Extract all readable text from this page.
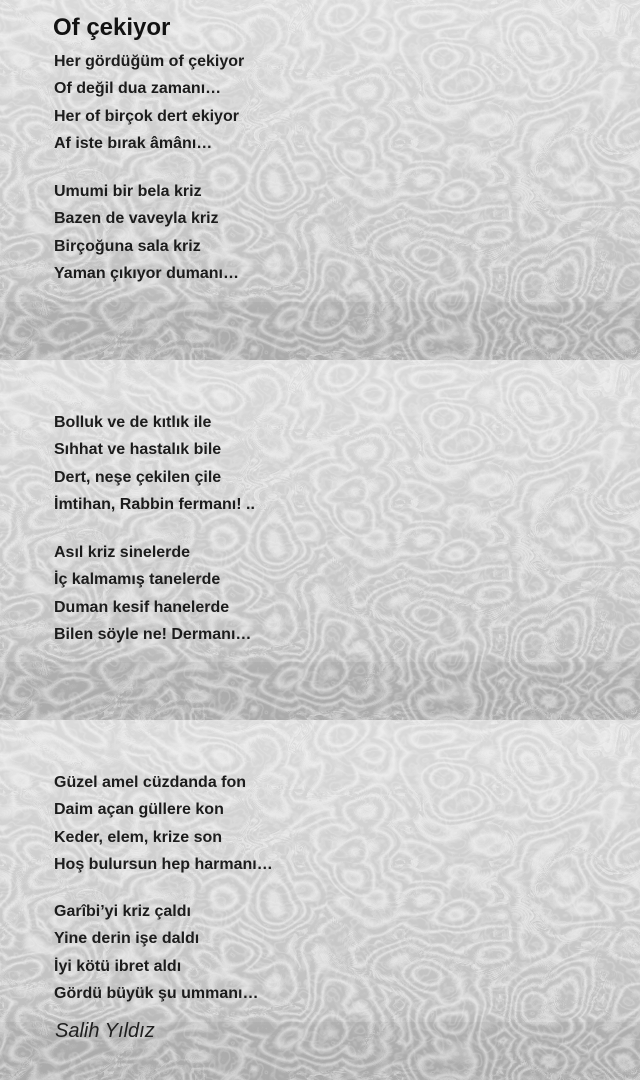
Of çekiyor
Her gördüğüm of çekiyor
Of değil dua zamanı…
Her of birçok dert ekiyor
Af iste bırak âmânı…
Umumi bir bela kriz
Bazen de vaveyla kriz
Birçoğuna sala kriz
Yaman çıkıyor dumanı…
Bolluk ve de kıtlık ile
Sıhhat ve hastalık bile
Dert, neşe çekilen çile
İmtihan, Rabbin fermanı! ..
Asıl kriz sinelerde
İç kalmamış tanelerde
Duman kesif hanelerde
Bilen söyle ne! Dermanı…
Güzel amel cüzdanda fon
Daim açan güllere kon
Keder, elem, krize son
Hoş bulursun hep harmanı…
Garîbi’yi kriz çaldı
Yine derin işe daldı
İyi kötü ibret aldı
Gördü büyük şu ummanı…
Salih Yıldız
